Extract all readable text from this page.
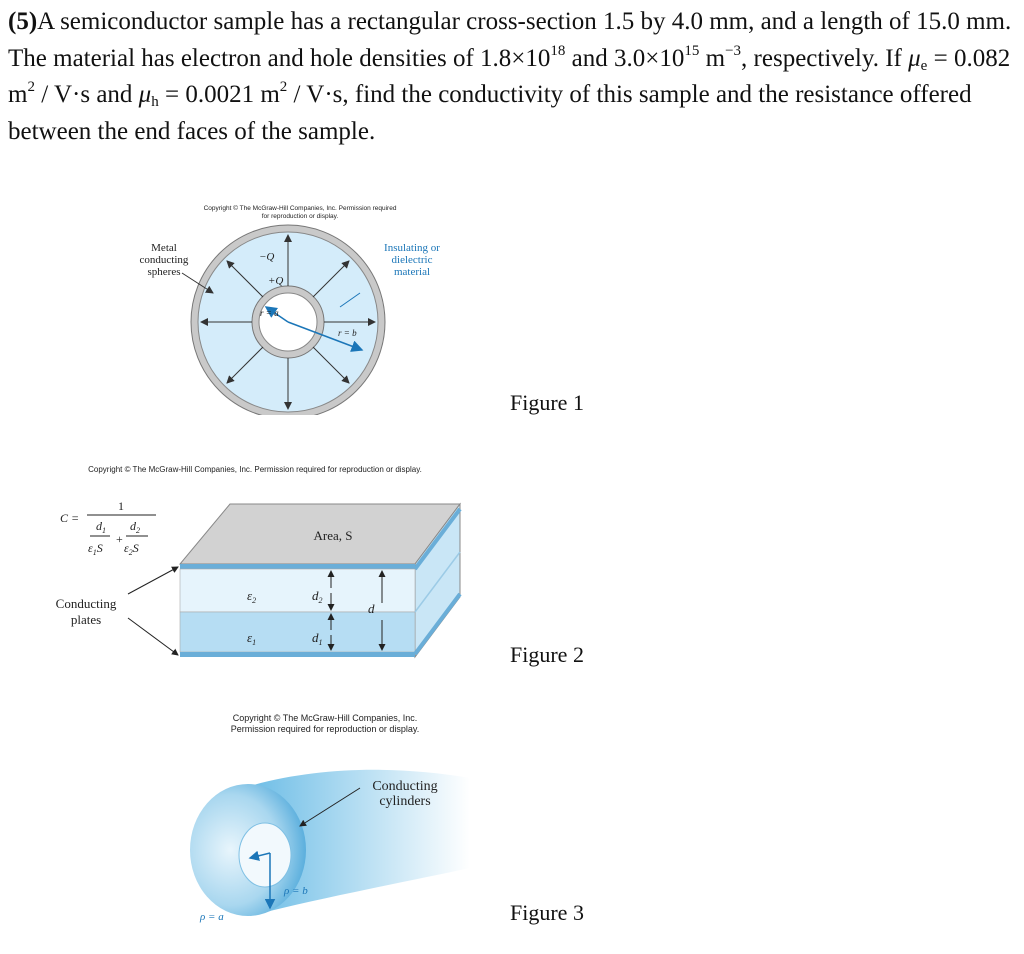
(5)A semiconductor sample has a rectangular cross-section 1.5 by 4.0 mm, and a length of 15.0 mm. The material has electron and hole densities of $1.8\times 10^{18}$ and $3.0\times 10^{15}$ $m^{-3}$, respectively. If $\mu_e = 0.082$ $m^2 / V\cdot s$ and $\mu_h = 0.0021$ $m^2 / V\cdot s$, find the conductivity of this sample and the resistance offered between the end faces of the sample.
Copyright © The McGraw-Hill Companies, Inc. Permission required
for reproduction or display.
Metal
conducting
spheres
Insulating or
dielectric
material
−Q
+Q
r = a
r = b
Figure 1
Copyright © The McGraw-Hill Companies, Inc. Permission required for reproduction or display.
C =
1
$d_1$
+
$d_2$
$\varepsilon_1S$ $\varepsilon_2S$
Area, S
$\varepsilon_2$
$\varepsilon_1$
$d_2$
$d_1$
d
Conducting
plates
Figure 2
Copyright © The McGraw-Hill Companies, Inc.
Permission required for reproduction or display.
Conducting
cylinders
ρ = b
ρ = a	Figure 3
